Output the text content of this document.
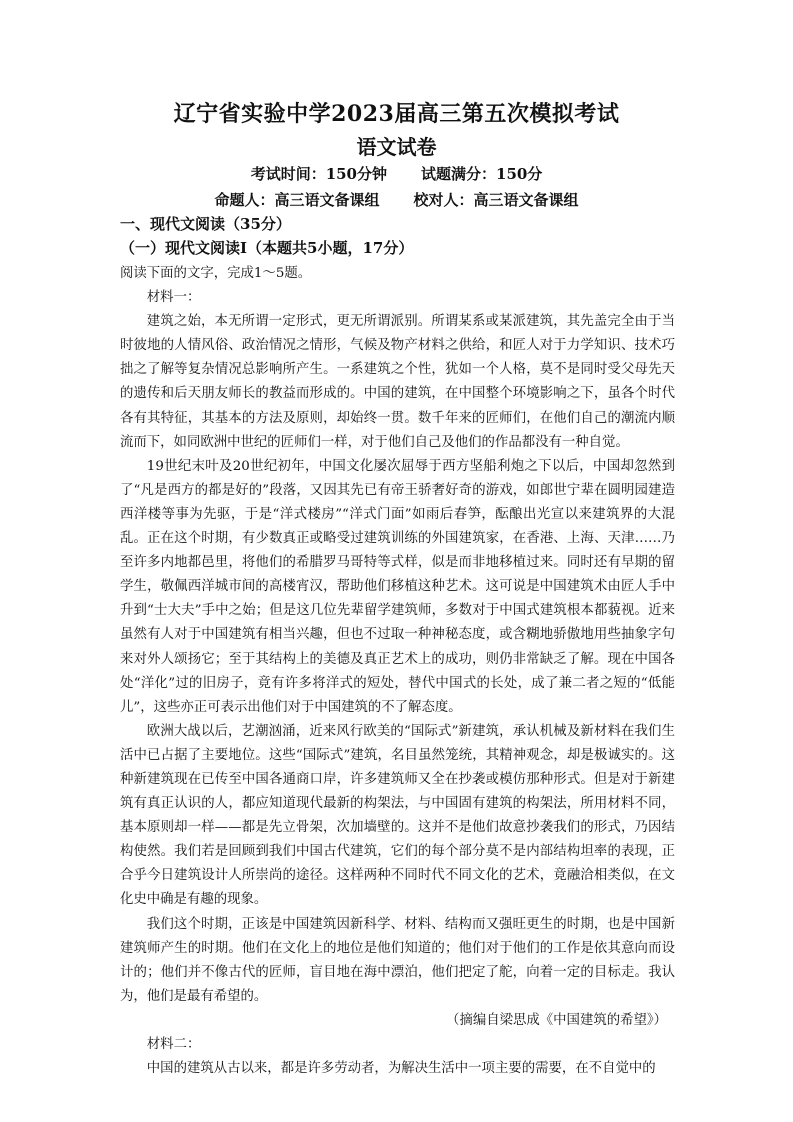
辽宁省实验中学2023届高三第五次模拟考试
语文试卷

考试时间：150分钟 试题满分：150分

命题人：高三语文备课组 校对人：高三语文备课组

一、现代文阅读（35分）

（一）现代文阅读I（本题共5小题，17分）

阅读下面的文字，完成1～5题。

材料一：

建筑之始，本无所谓一定形式，更无所谓派别。所谓某系或某派建筑，其先盖完全由于当时彼地的人情风俗、政治情况之情形，气候及物产材料之供给，和匠人对于力学知识、技术巧拙之了解等复杂情况总影响所产生。一系建筑之个性，犹如一个人格，莫不是同时受父母先天的遗传和后天朋友师长的教益而形成的。中国的建筑，在中国整个环境影响之下，虽各个时代各有其特征，其基本的方法及原则，却始终一贯。数千年来的匠师们，在他们自己的潮流内顺流而下，如同欧洲中世纪的匠师们一样，对于他们自己及他们的作品都没有一种自觉。

19世纪末叶及20世纪初年，中国文化屡次屈辱于西方坚船利炮之下以后，中国却忽然到了“凡是西方的都是好的”段落，又因其先已有帝王骄奢好奇的游戏，如郎世宁辈在圆明园建造西洋楼等事为先驱，于是“洋式楼房”“洋式门面”如雨后春笋，酝酿出光宣以来建筑界的大混乱。正在这个时期，有少数真正或略受过建筑训练的外国建筑家，在香港、上海、天津……乃至许多内地都邑里，将他们的希腊罗马哥特等式样，似是而非地移植过来。同时还有早期的留学生，敬佩西洋城市间的高楼宵汉，帮助他们移植这种艺术。这可说是中国建筑术由匠人手中升到“士大夫”手中之始；但是这几位先辈留学建筑师，多数对于中国式建筑根本都藐视。近来虽然有人对于中国建筑有相当兴趣，但也不过取一种神秘态度，或含糊地骄傲地用些抽象字句来对外人颂扬它；至于其结构上的美德及真正艺术上的成功，则仍非常缺乏了解。现在中国各处“洋化”过的旧房子，竟有许多将洋式的短处，替代中国式的长处，成了兼二者之短的“低能儿”，这些亦正可表示出他们对于中国建筑的不了解态度。

欧洲大战以后，艺潮汹涌，近来风行欧美的“国际式”新建筑，承认机械及新材料在我们生活中已占据了主要地位。这些“国际式”建筑，名目虽然笼统，其精神观念，却是极诚实的。这种新建筑现在已传至中国各通商口岸，许多建筑师又全在抄袭或模仿那种形式。但是对于新建筑有真正认识的人，都应知道现代最新的构架法，与中国固有建筑的构架法，所用材料不同，基本原则却一样——都是先立骨架，次加墙壁的。这并不是他们故意抄袭我们的形式，乃因结构使然。我们若是回顾到我们中国古代建筑，它们的每个部分莫不是内部结构坦率的表现，正合乎今日建筑设计人所崇尚的途径。这样两种不同时代不同文化的艺术，竟融洽相类似，在文化史中确是有趣的现象。

我们这个时期，正该是中国建筑因新科学、材料、结构而又强旺更生的时期，也是中国新建筑师产生的时期。他们在文化上的地位是他们知道的；他们对于他们的工作是依其意向而设计的；他们并不像古代的匠师，盲目地在海中漂泊，他们把定了舵，向着一定的目标走。我认为，他们是最有希望的。

（摘编自梁思成《中国建筑的希望》）

材料二：

中国的建筑从古以来，都是许多劳动者，为解决生活中一项主要的需要，在不自觉中的
